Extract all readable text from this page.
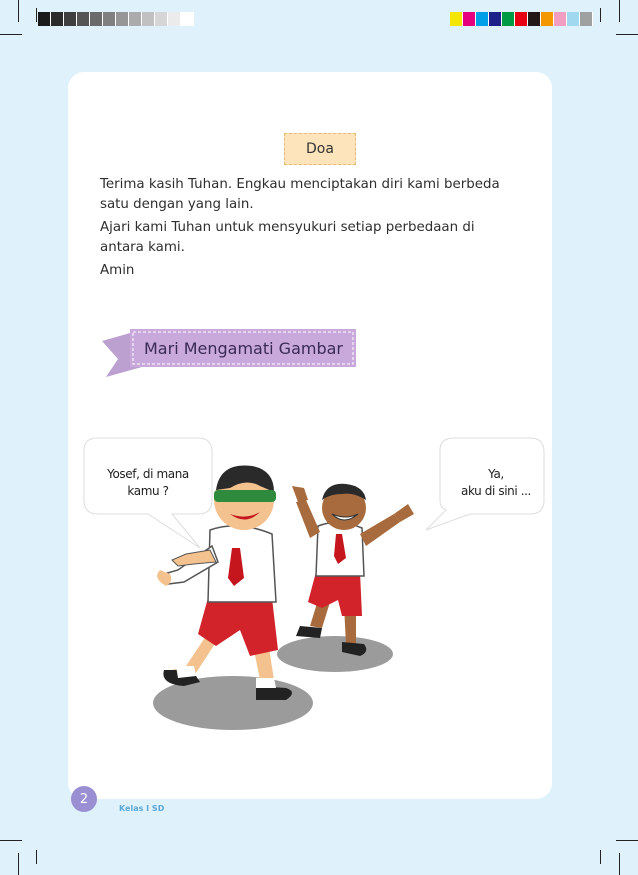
Doa

Terima kasih Tuhan. Engkau menciptakan diri kami berbeda

satu dengan yang lain.

Ajari kami Tuhan untuk mensyukuri setiap perbedaan di

antara kami.

Amin

Mari Mengamati Gambar
Yosef, di mana
kamu ?
Ya,
aku di sini ...
2
Kelas I SD
